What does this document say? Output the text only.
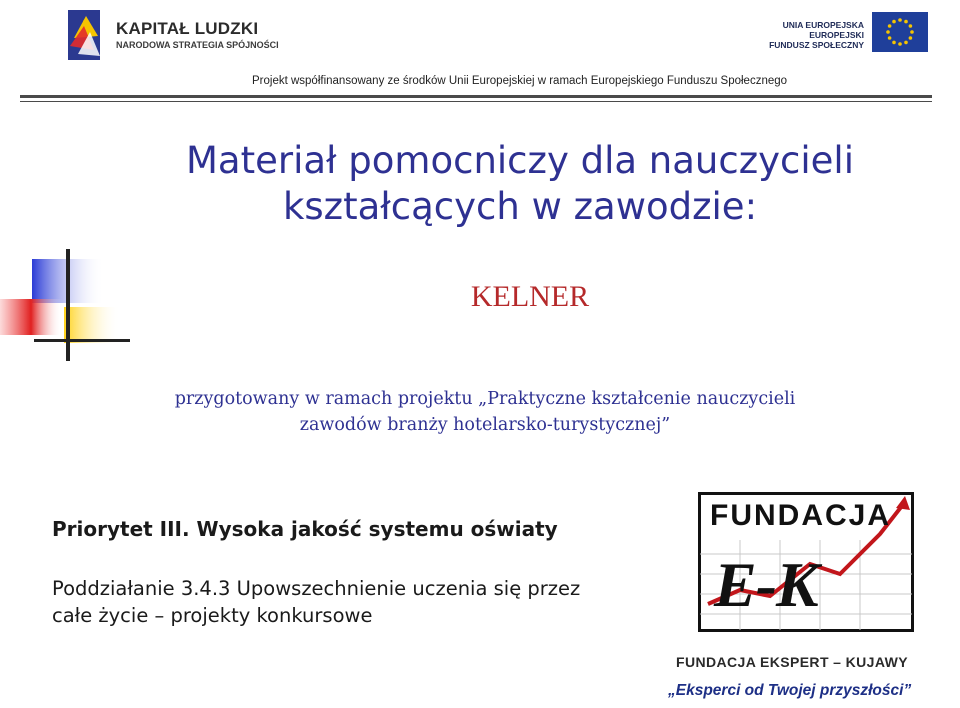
KAPITAŁ LUDZKI
NARODOWA STRATEGIA SPÓJNOŚCI
UNIA EUROPEJSKA
EUROPEJSKI
FUNDUSZ SPOŁECZNY
Projekt współfinansowany ze środków Unii Europejskiej w ramach Europejskiego Funduszu Społecznego
Materiał pomocniczy dla nauczycieli
kształcących w zawodzie:
KELNER
przygotowany w ramach projektu „Praktyczne kształcenie nauczycieli
zawodów branży hotelarsko-turystycznej”
Priorytet III. Wysoka jakość systemu oświaty
Poddziałanie 3.4.3 Upowszechnienie uczenia się przez
całe życie – projekty konkursowe
FUNDACJA
E-K
FUNDACJA EKSPERT – KUJAWY
„Eksperci od Twojej przyszłości”
